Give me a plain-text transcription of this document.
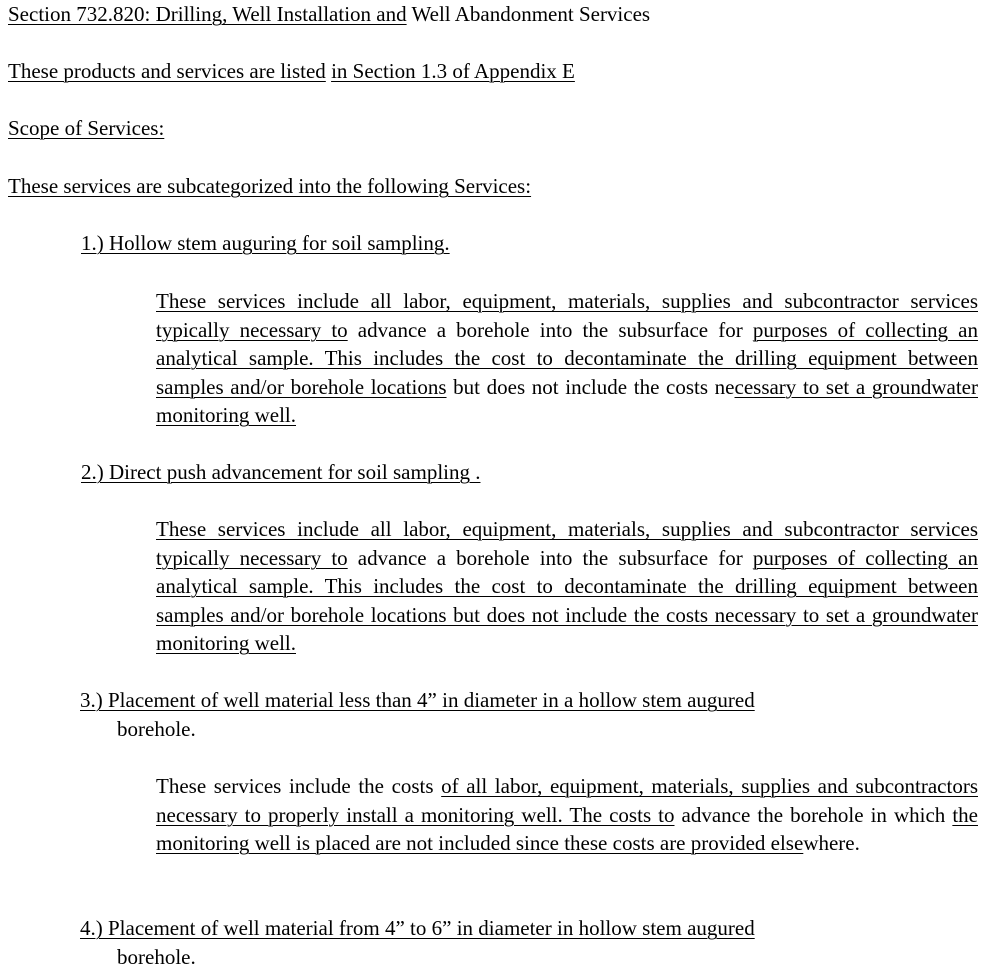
Section 732.820: Drilling, Well Installation and Well Abandonment Services
These products and services are listed in Section 1.3 of Appendix E
Scope of Services:
These services are subcategorized into the following Services:
1.) Hollow stem auguring for soil sampling.
These services include all labor, equipment, materials, supplies and subcontractor services typically necessary to advance a borehole into the subsurface for purposes of collecting an analytical sample. This includes the cost to decontaminate the drilling equipment between samples and/or borehole locations but does not include the costs necessary to set a groundwater monitoring well.
2.) Direct push advancement for soil sampling .
These services include all labor, equipment, materials, supplies and subcontractor services typically necessary to advance a borehole into the subsurface for purposes of collecting an analytical sample. This includes the cost to decontaminate the drilling equipment between samples and/or borehole locations but does not include the costs necessary to set a groundwater monitoring well.
3.) Placement of well material less than 4” in diameter in a hollow stem augured
borehole.
These services include the costs of all labor, equipment, materials, supplies and subcontractors necessary to properly install a monitoring well. The costs to advance the borehole in which the monitoring well is placed are not included since these costs are provided elsewhere.
4.) Placement of well material from 4” to 6” in diameter in hollow stem augured
borehole.
